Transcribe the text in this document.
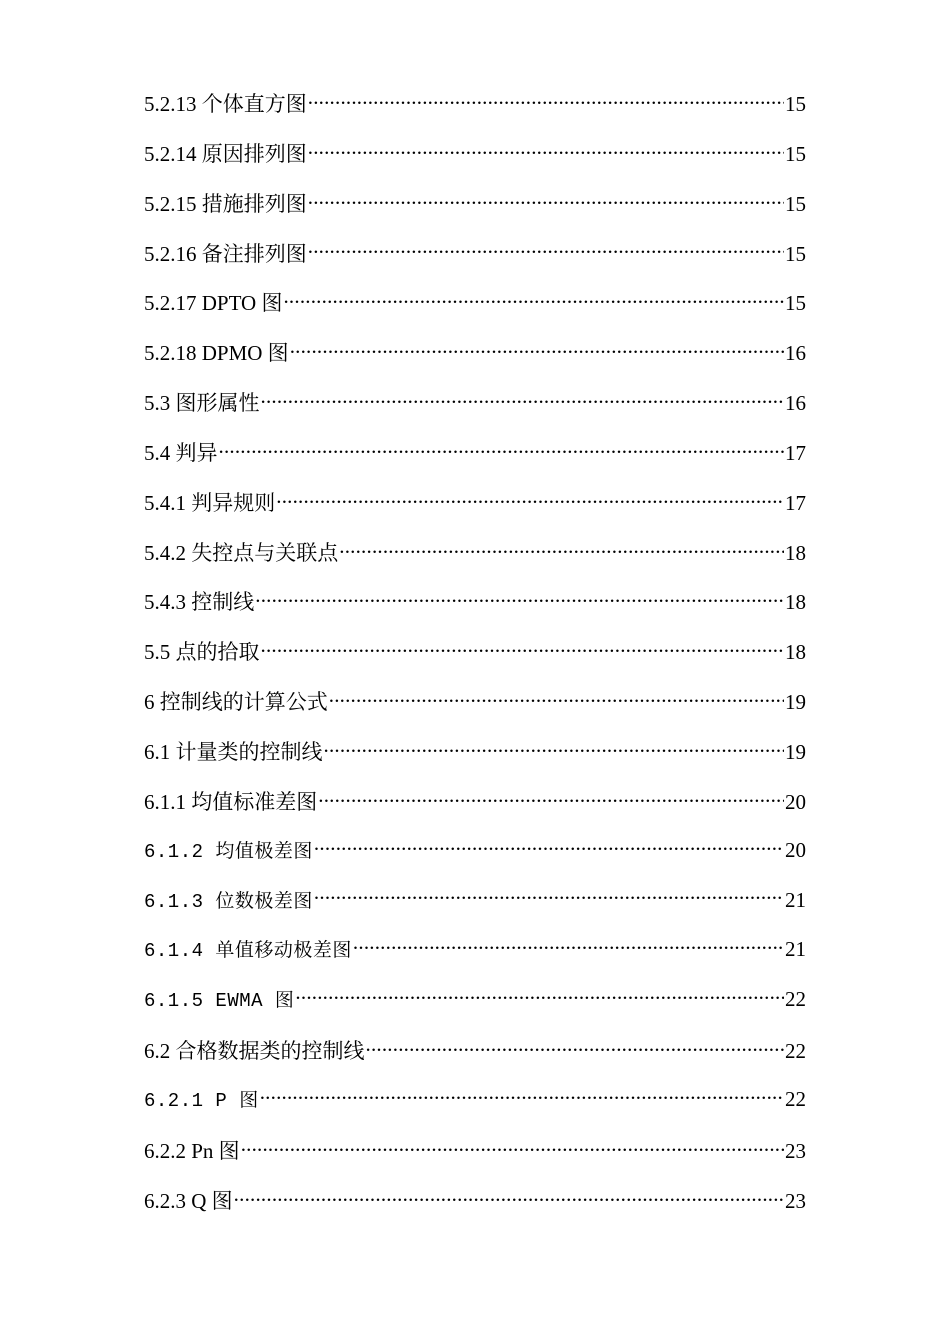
5.2.13 个体直方图 .....	15
5.2.14 原因排列图 .....	15
5.2.15 措施排列图 .....	15
5.2.16 备注排列图 .....	15
5.2.17 DPTO 图 .....	15
5.2.18 DPMO 图 .....	16
5.3 图形属性 .....	16
5.4 判异 .....	17
5.4.1 判异规则 .....	17
5.4.2 失控点与关联点 .....	18
5.4.3 控制线 .....	18
5.5 点的拾取 .....	18
6 控制线的计算公式 .....	19
6.1 计量类的控制线 .....	19
6.1.1 均值标准差图 .....	20
6.1.2 均值极差图 .....	20
6.1.3 位数极差图 .....	21
6.1.4 单值移动极差图 .....	21
6.1.5 EWMA 图 .....	22
6.2 合格数据类的控制线 .....	22
6.2.1 P 图 .....	22
6.2.2 Pn 图 .....	23
6.2.3 Q 图 .....	23
